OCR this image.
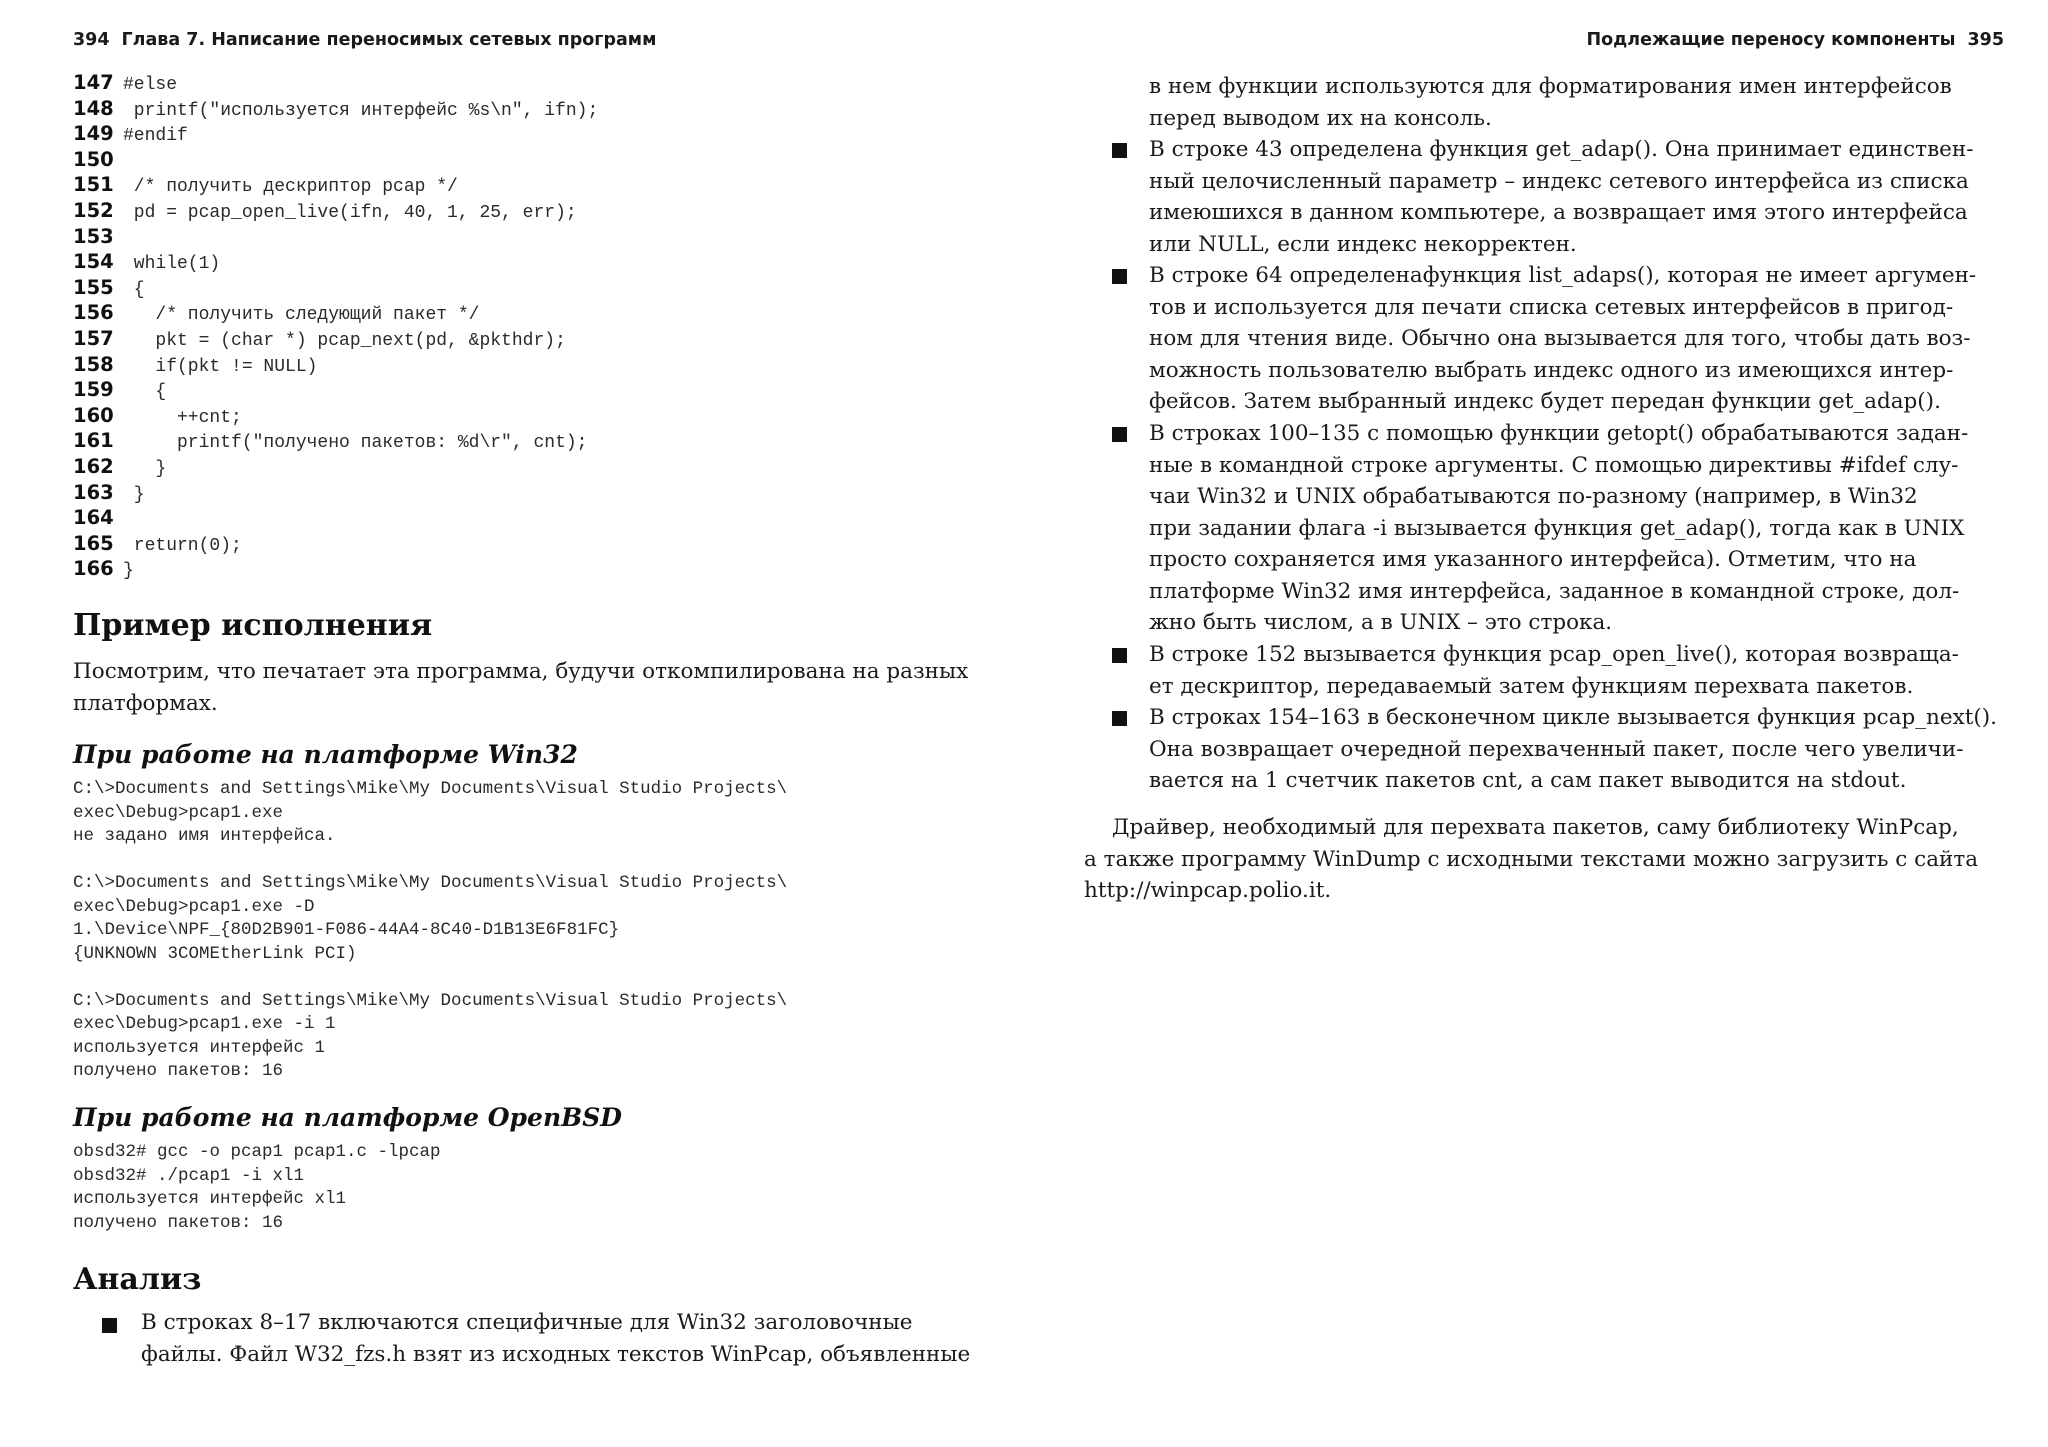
394 Глава 7. Написание переносимых сетевых программ
147 #else
148 printf("используется интерфейс %s\n", ifn);
149 #endif
150
151 /* получить дескриптор pcap */
152 pd = pcap_open_live(ifn, 40, 1, 25, err);
153
154 while(1)
155 {
156   /* получить следующий пакет */
157   pkt = (char *) pcap_next(pd, &pkthdr);
158   if(pkt != NULL)
159   {
160     ++cnt;
161     printf("получено пакетов: %d\r", cnt);
162   }
163 }
164
165 return(0);
166 }
Пример исполнения
Посмотрим, что печатает эта программа, будучи откомпилирована на разных
платформах.
При работе на платформе Win32
C:\>Documents and Settings\Mike\My Documents\Visual Studio Projects\
exec\Debug>pcap1.exe
не задано имя интерфейса.

C:\>Documents and Settings\Mike\My Documents\Visual Studio Projects\
exec\Debug>pcap1.exe -D
1.\Device\NPF_{80D2B901-F086-44A4-8C40-D1B13E6F81FC}
{UNKNOWN 3COMEtherLink PCI)

C:\>Documents and Settings\Mike\My Documents\Visual Studio Projects\
exec\Debug>pcap1.exe -i 1
используется интерфейс 1
получено пакетов: 16
При работе на платформе OpenBSD
obsd32# gcc -o pcap1 pcap1.c -lpcap
obsd32# ./pcap1 -i xl1
используется интерфейс xl1
получено пакетов: 16
Анализ
В строках 8–17 включаются специфичные для Win32 заголовочные
файлы. Файл W32_fzs.h взят из исходных текстов WinPcap, объявленные
Подлежащие переносу компоненты 395
в нем функции используются для форматирования имен интерфейсов
перед выводом их на консоль.
В строке 43 определена функция get_adap(). Она принимает единствен-
ный целочисленный параметр – индекс сетевого интерфейса из списка
имеюшихся в данном компьютере, а возвращает имя этого интерфейса
или NULL, если индекс некорректен.
В строке 64 определенафункция list_adaps(), которая не имеет аргумен-
тов и используется для печати списка сетевых интерфейсов в пригод-
ном для чтения виде. Обычно она вызывается для того, чтобы дать воз-
можность пользователю выбрать индекс одного из имеющихся интер-
фейсов. Затем выбранный индекс будет передан функции get_adap().
В строках 100–135 с помощью функции getopt() обрабатываются задан-
ные в командной строке аргументы. С помощью директивы #ifdef слу-
чаи Win32 и UNIX обрабатываются по-разному (например, в Win32
при задании флага -i вызывается функция get_adap(), тогда как в UNIX
просто сохраняется имя указанного интерфейса). Отметим, что на
платформе Win32 имя интерфейса, заданное в командной строке, дол-
жно быть числом, а в UNIX – это строка.
В строке 152 вызывается функция pcap_open_live(), которая возвраща-
ет дескриптор, передаваемый затем функциям перехвата пакетов.
В строках 154–163 в бесконечном цикле вызывается функция pcap_next().
Она возвращает очередной перехваченный пакет, после чего увеличи-
вается на 1 счетчик пакетов cnt, а сам пакет выводится на stdout.
Драйвер, необходимый для перехвата пакетов, саму библиотеку WinPcap,
а также программу WinDump с исходными текстами можно загрузить с сайта
http://winpcap.polio.it.
